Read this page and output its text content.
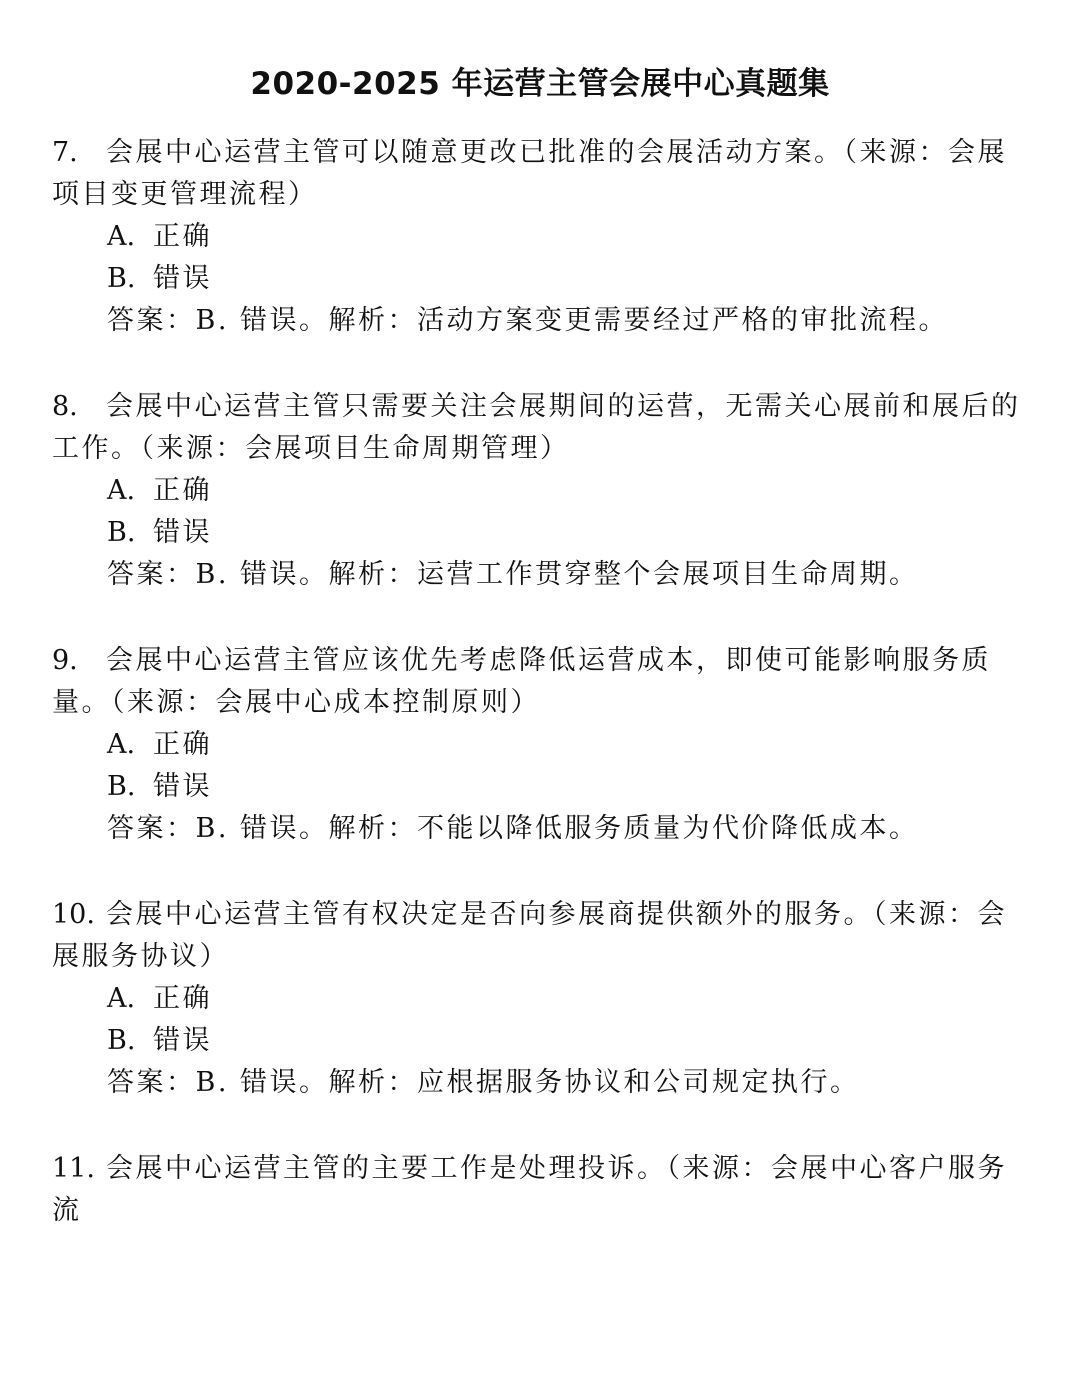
2020-2025 年运营主管会展中心真题集

7. 会展中心运营主管可以随意更改已批准的会展活动方案。（来源：会展项目变更管理流程）

A. 正确
B. 错误
答案：B. 错误。解析：活动方案变更需要经过严格的审批流程。

8. 会展中心运营主管只需要关注会展期间的运营，无需关心展前和展后的工作。（来源：会展项目生命周期管理）

A. 正确
B. 错误
答案：B. 错误。解析：运营工作贯穿整个会展项目生命周期。

9. 会展中心运营主管应该优先考虑降低运营成本，即使可能影响服务质量。（来源：会展中心成本控制原则）

A. 正确
B. 错误
答案：B. 错误。解析：不能以降低服务质量为代价降低成本。

10. 会展中心运营主管有权决定是否向参展商提供额外的服务。（来源：会展服务协议）

A. 正确
B. 错误
答案：B. 错误。解析：应根据服务协议和公司规定执行。

11. 会展中心运营主管的主要工作是处理投诉。（来源：会展中心客户服务流
